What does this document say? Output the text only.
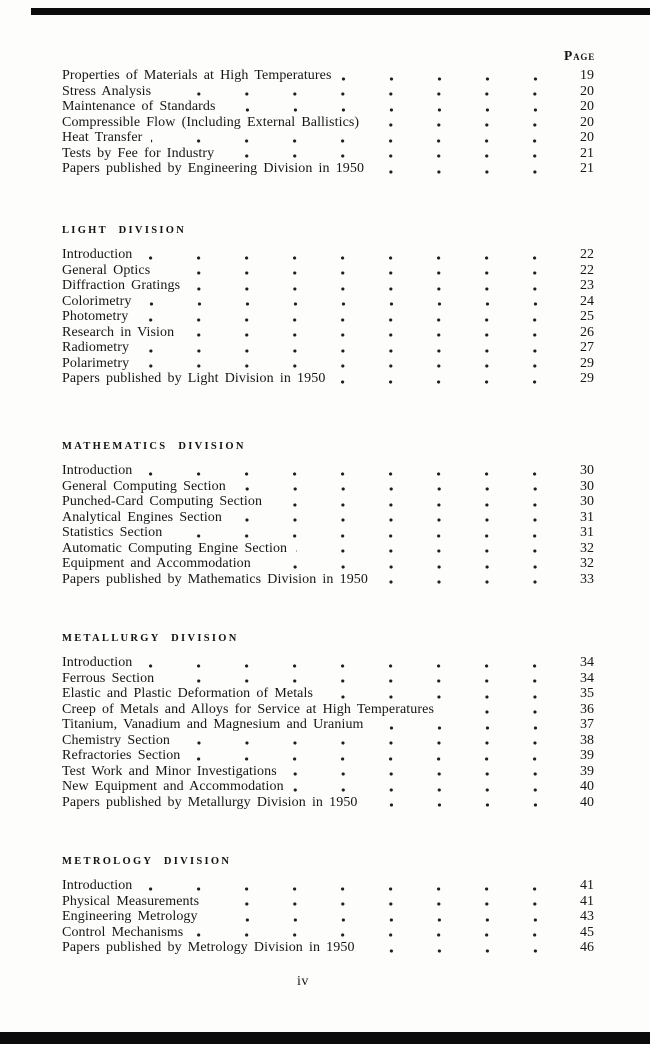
Page
Properties of Materials at High Temperatures	19
Stress Analysis	20
Maintenance of Standards	20
Compressible Flow (Including External Ballistics)	20
Heat Transfer	20
Tests by Fee for Industry	21
Papers published by Engineering Division in 1950	21
LIGHT DIVISION
Introduction	22
General Optics	22
Diffraction Gratings	23
Colorimetry	24
Photometry	25
Research in Vision	26
Radiometry	27
Polarimetry	29
Papers published by Light Division in 1950	29
MATHEMATICS DIVISION
Introduction	30
General Computing Section	30
Punched-Card Computing Section	30
Analytical Engines Section	31
Statistics Section	31
Automatic Computing Engine Section	32
Equipment and Accommodation	32
Papers published by Mathematics Division in 1950	33
METALLURGY DIVISION
Introduction	34
Ferrous Section	34
Elastic and Plastic Deformation of Metals	35
Creep of Metals and Alloys for Service at High Temperatures	36
Titanium, Vanadium and Magnesium and Uranium	37
Chemistry Section	38
Refractories Section	39
Test Work and Minor Investigations	39
New Equipment and Accommodation	40
Papers published by Metallurgy Division in 1950	40
METROLOGY DIVISION
Introduction	41
Physical Measurements	41
Engineering Metrology	43
Control Mechanisms	45
Papers published by Metrology Division in 1950	46
iv
